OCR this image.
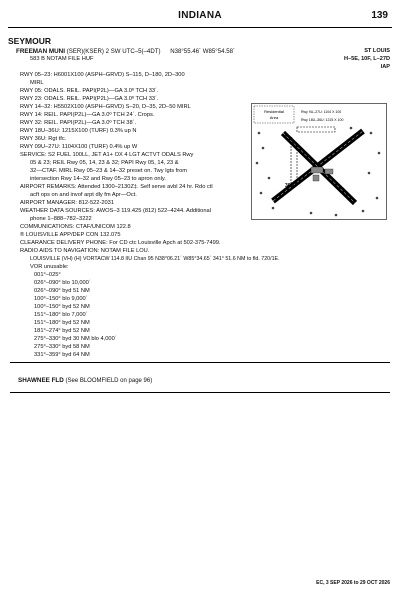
INDIANA	139
SEYMOUR
FREEMAN MUNI (SER)(KSER) 2 SW UTC–5(–4DT) N38°55.46´ W85°54.58´	ST LOUIS
583 B NOTAM FILE HUF	H–5E, 10F, L–27D
IAP
RWY 05–23: H6001X100 (ASPH–GRVD) S–115, D–180, 2D–300
MIRL
RWY 05: ODALS. REIL. PAPI(P2L)—GA 3.0º TCH 33´.
RWY 23: ODALS. REIL. PAPI(P2L)—GA 3.0º TCH 33´.
RWY 14–32: H5502X100 (ASPH–GRVD) S–20, D–35, 2D–50 MIRL
RWY 14: REIL. PAPI(P2L)—GA 3.0º TCH 24´. Crops.
RWY 32: REIL. PAPI(P2L)—GA 3.0º TCH 38´.
RWY 18U–36U: 1215X100 (TURF) 0.3% up N
RWY 36U: Rgt tfc.
RWY 09U–27U: 1104X100 (TURF) 0.4% up W
SERVICE: S2 FUEL 100LL, JET A1+ OX 4 LGT ACTVT ODALS Rwy
05 & 23; REIL Rwy 05, 14, 23 & 32; PAPI Rwy 05, 14, 23 &
32—CTAF. MIRL Rwy 05–23 & 14–32 preset on. Twy lgts from
intersection Rwy 14–32 and Rwy 05–23 to apron only.
AIRPORT REMARKS: Attended 1300–2130Z‡. Self serve avbl 24 hr. Rdo ctl
acft ops on and invof arpt dly fm Apr—Oct.
AIRPORT MANAGER: 812-522-2031
WEATHER DATA SOURCES: AWOS–3 119.425 (812) 522–4244. Additional
phone 1–888–782–3222
COMMUNICATIONS: CTAF/UNICOM 122.8
® LOUISVILLE APP/DEP CON 132.075
CLEARANCE DELIVERY PHONE: For CD ctc Louisville Apch at 502-375-7499.
RADIO AIDS TO NAVIGATION: NOTAM FILE LOU.
LOUISVILLE (VH) (H) VORTACW 114.8 IIU Chan 95 N38°06.21´ W85°34.65´ 341° 51.6 NM to fld. 720/1E.
VOR unusable:
001°–025°
026°–090° blo 10,000´
026°–090° byd 51 NM
100°–150° blo 9,000´
100°–150° byd 52 NM
151°–180° blo 7,000´
151°–180° byd 52 NM
181°–274° byd 52 NM
275°–330° byd 30 NM blo 4,000´
275°–330° byd 58 NM
331°–359° byd 64 NM
Residential
Area
Rwy 9U–27U: 1104 X 100
Rwy 18U–36U: 1215 X 100
36U
SHAWNEE FLD (See BLOOMFIELD on page 96)
EC, 3 SEP 2026 to 29 OCT 2026
